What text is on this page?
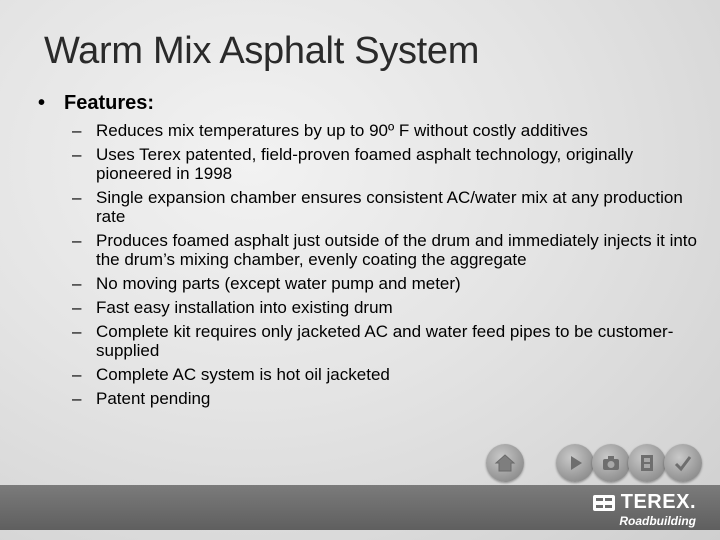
Warm Mix Asphalt System
• Features:
– Reduces mix temperatures by up to 90º F without costly additives
– Uses Terex patented, field-proven foamed asphalt technology, originally pioneered in 1998
– Single expansion chamber ensures consistent AC/water mix at any production rate
– Produces foamed asphalt just outside of the drum and immediately injects it into the drum’s mixing chamber, evenly coating the aggregate
– No moving parts (except water pump and meter)
– Fast easy installation into existing drum
– Complete kit requires only jacketed AC and water feed pipes to be customer-supplied
– Complete AC system is hot oil jacketed
– Patent pending
TEREX .
Roadbuilding
